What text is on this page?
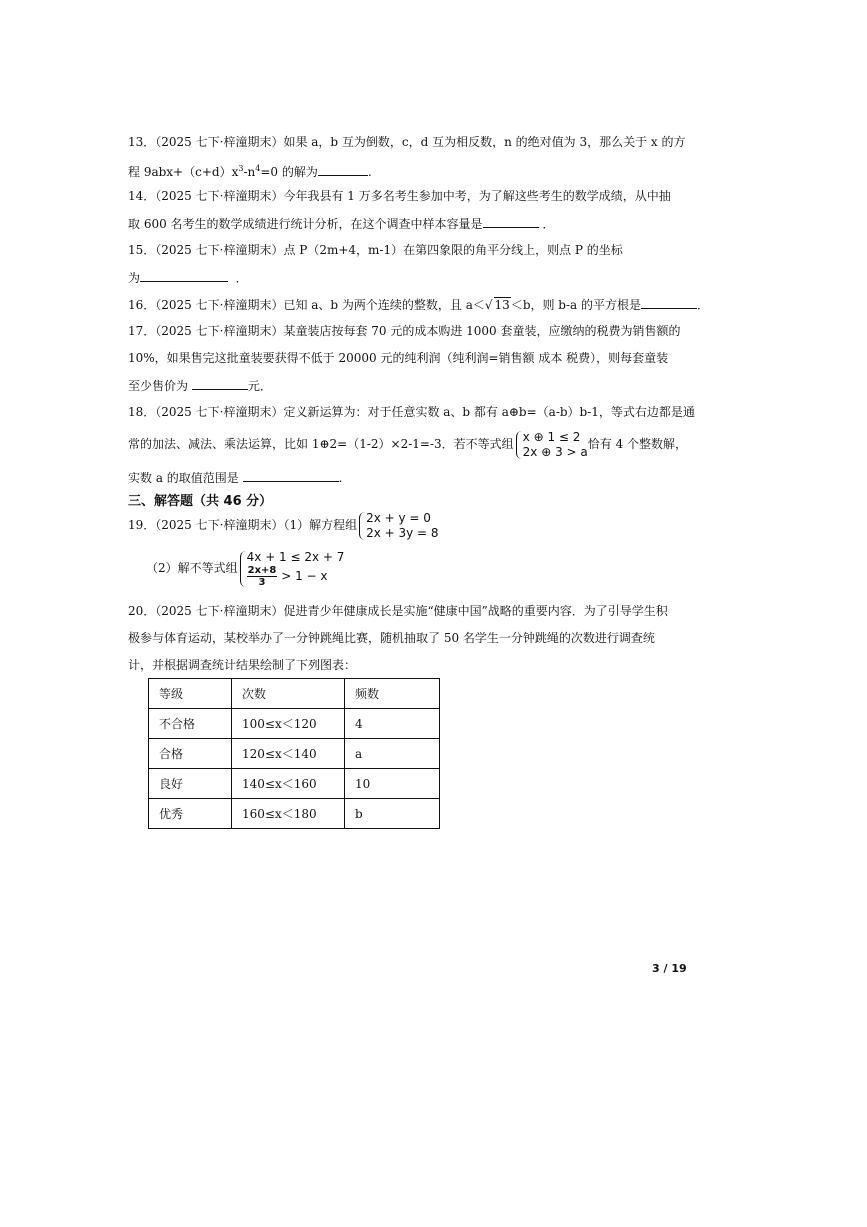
13．（2025 七下·梓潼期末）如果 a，b 互为倒数，c，d 互为相反数，n 的绝对值为 3，那么关于 x 的方
程 $9abx+(c+d)x^3-n^4=0$ 的解为	.
14．（2025 七下·梓潼期末）今年我县有 1 万多名考生参加中考，为了解这些考生的数学成绩，从中抽
取 600 名考生的数学成绩进行统计分析，在这个调查中样本容量是	．
15．（2025 七下·梓潼期末）点 P（2m+4，m-1）在第四象限的角平分线上，则点 P 的坐标
为	．
16．（2025 七下·梓潼期末）已知 a、b 为两个连续的整数，且 a＜√ 13＜b，则 b-a 的平方根是	．
17．（2025 七下·梓潼期末）某童装店按每套 70 元的成本购进 1000 套童装，应缴纳的税费为销售额的
10%，如果售完这批童装要获得不低于 20000 元的纯利润（纯利润=销售额 成本 税费），则每套童装
至少售价为	元．
18．（2025 七下·梓潼期末）定义新运算为：对于任意实数 a、b 都有 a⊕b=（a-b）b-1，等式右边都是通
常的加法、减法、乘法运算，比如 1⊕2=（1-2）×2-1=-3．若不等式组
x ⊕ 1 ≤ 2
2x ⊕ 3 > a
恰有 4 个整数解，
实数 a 的取值范围是	.
三、解答题（共 46 分）
19．（2025 七下·梓潼期末）（1）解方程组
2x + y = 0
2x + 3y = 8
（2）解不等式组
4x + 1 ≤ 2x + 7
$\frac{2x+8}{3} > 1 - x$
20．（2025 七下·梓潼期末）促进青少年健康成长是实施“健康中国”战略的重要内容．为了引导学生积
极参与体育运动，某校举办了一分钟跳绳比赛，随机抽取了 50 名学生一分钟跳绳的次数进行调查统
计，并根据调查统计结果绘制了下列图表：
等级	次数	频数
不合格	100≤x＜120	4
合格	120≤x＜140	a
良好	140≤x＜160	10
优秀	160≤x＜180	b
3 / 19
